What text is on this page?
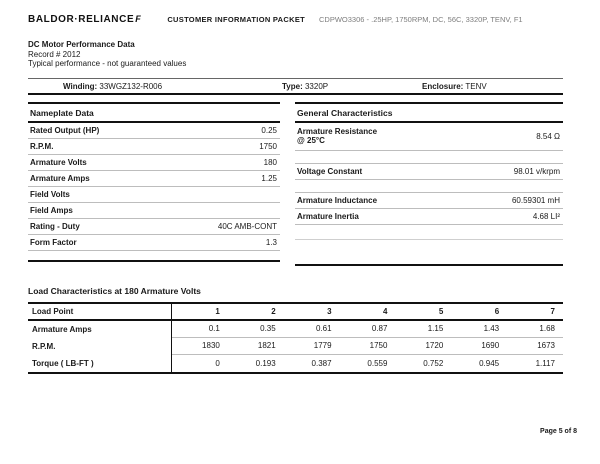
BALDOR·RELIANCEF	CUSTOMER INFORMATION PACKET CDPWO3306 - .25HP, 1750RPM, DC, 56C, 3320P, TENV, F1
DC Motor Performance Data
Record # 2012
Typical performance - not guaranteed values
Winding: 33WGZ132-R006	Type: 3320P	Enclosure: TENV
Nameplate Data
Rated Output (HP)	0.25
R.P.M.	1750
Armature Volts	180
Armature Amps	1.25
Field Volts
Field Amps
Rating - Duty	40C AMB-CONT
Form Factor	1.3
General Characteristics
Armature Resistance
@ 25°C	8.54 Ω
Voltage Constant	98.01 v/krpm
Armature Inductance	60.59301 mH
Armature Inertia	4.68 LI²
Load Characteristics at 180 Armature Volts
Load Point	1	2	3	4	5	6	7
Armature Amps	0.1	0.35	0.61	0.87	1.15	1.43	1.68
R.P.M.	1830	1821	1779	1750	1720	1690	1673
Torque ( LB-FT )	0	0.193	0.387	0.559	0.752	0.945	1.117
Page 5 of 8
